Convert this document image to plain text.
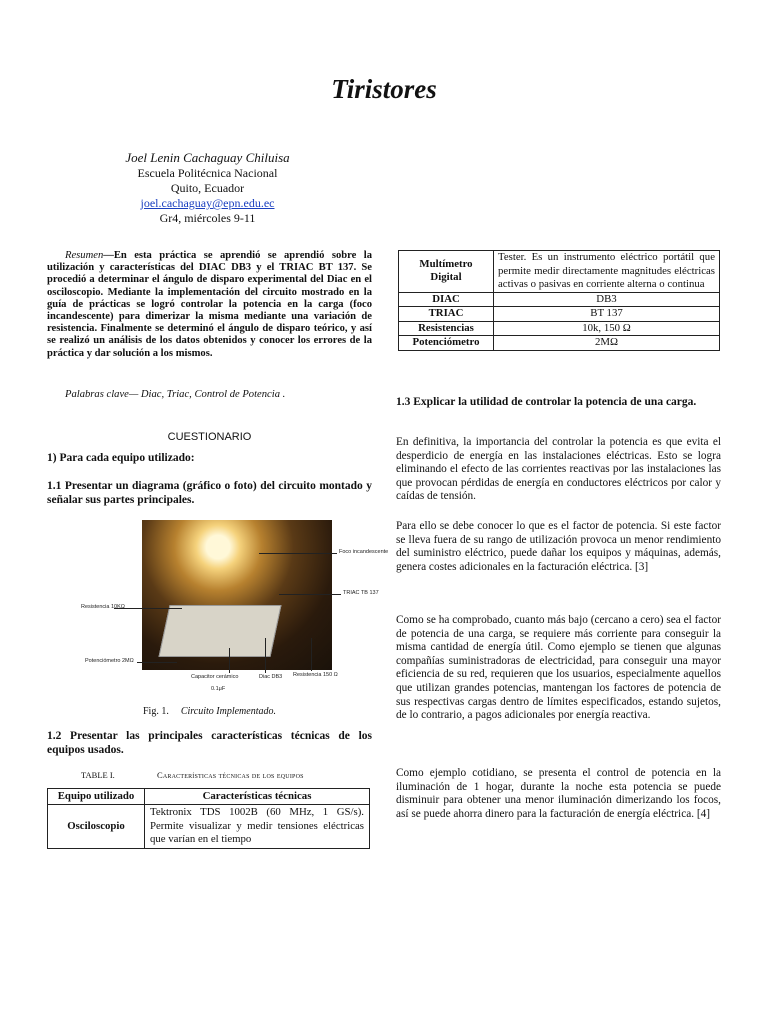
Tiristores
Joel Lenin Cachaguay Chiluisa
Escuela Politécnica Nacional
Quito, Ecuador
joel.cachaguay@epn.edu.ec
Gr4, miércoles 9-11
Resumen—En esta práctica se aprendió se aprendió sobre la utilización y características del DIAC DB3 y el TRIAC BT 137. Se procedió a determinar el ángulo de disparo experimental del Diac en el osciloscopio. Mediante la implementación del circuito mostrado en la guía de prácticas se logró controlar la potencia en la carga (foco incandescente) para dimerizar la misma mediante una variación de resistencia. Finalmente se determinó el ángulo de disparo teórico, y así se realizó un análisis de los datos obtenidos y conocer los errores de la práctica y dar solución a los mismos.
Palabras clave— Diac, Triac, Control de Potencia .
CUESTIONARIO
1) Para cada equipo utilizado:
1.1 Presentar un diagrama (gráfico o foto) del circuito montado y señalar sus partes principales.
Foco incandescente
TRIAC TB 137
Resistencia 10KΩ
Potenciómetro 2MΩ
Capacitor cerámico
0.1μF
Diac DB3 Resistencia 150 Ω
Fig. 1. Circuito Implementado.
1.2 Presentar las principales características técnicas de los equipos usados.
TABLE I.	Características técnicas de los equipos
Equipo utilizado	Características técnicas
Osciloscopio	Tektronix TDS 1002B (60 MHz, 1 GS/s). Permite visualizar y medir tensiones eléctricas que varían en el tiempo
Multímetro Digital	Tester. Es un instrumento eléctrico portátil que permite medir directamente magnitudes eléctricas activas o pasivas en corriente alterna o continua
DIAC	DB3
TRIAC	BT 137
Resistencias	10k, 150 Ω
Potenciómetro	2MΩ
1.3 Explicar la utilidad de controlar la potencia de una carga.
En definitiva, la importancia del controlar la potencia es que evita el desperdicio de energía en las instalaciones eléctricas. Esto se logra eliminando el efecto de las corrientes reactivas por las instalaciones las que provocan pérdidas de energía en conductores eléctricos por calor y caídas de tensión.
Para ello se debe conocer lo que es el factor de potencia. Si este factor se lleva fuera de su rango de utilización provoca un menor rendimiento del suministro eléctrico, puede dañar los equipos y máquinas, además, genera costes adicionales en la facturación eléctrica. [3]
Como se ha comprobado, cuanto más bajo (cercano a cero) sea el factor de potencia de una carga, se requiere más corriente para conseguir la misma cantidad de energía útil. Como ejemplo se tienen que algunas compañías suministradoras de electricidad, para conseguir una mayor eficiencia de su red, requieren que los usuarios, especialmente aquellos que utilizan grandes potencias, mantengan los factores de potencia de sus respectivas cargas dentro de límites especificados, estando sujetos, de lo contrario, a pagos adicionales por energía reactiva.
Como ejemplo cotidiano, se presenta el control de potencia en la iluminación de 1 hogar, durante la noche esta potencia se puede disminuir para obtener una menor iluminación dimerizando los focos, así se puede ahorra dinero para la facturación de energía eléctrica. [4]
